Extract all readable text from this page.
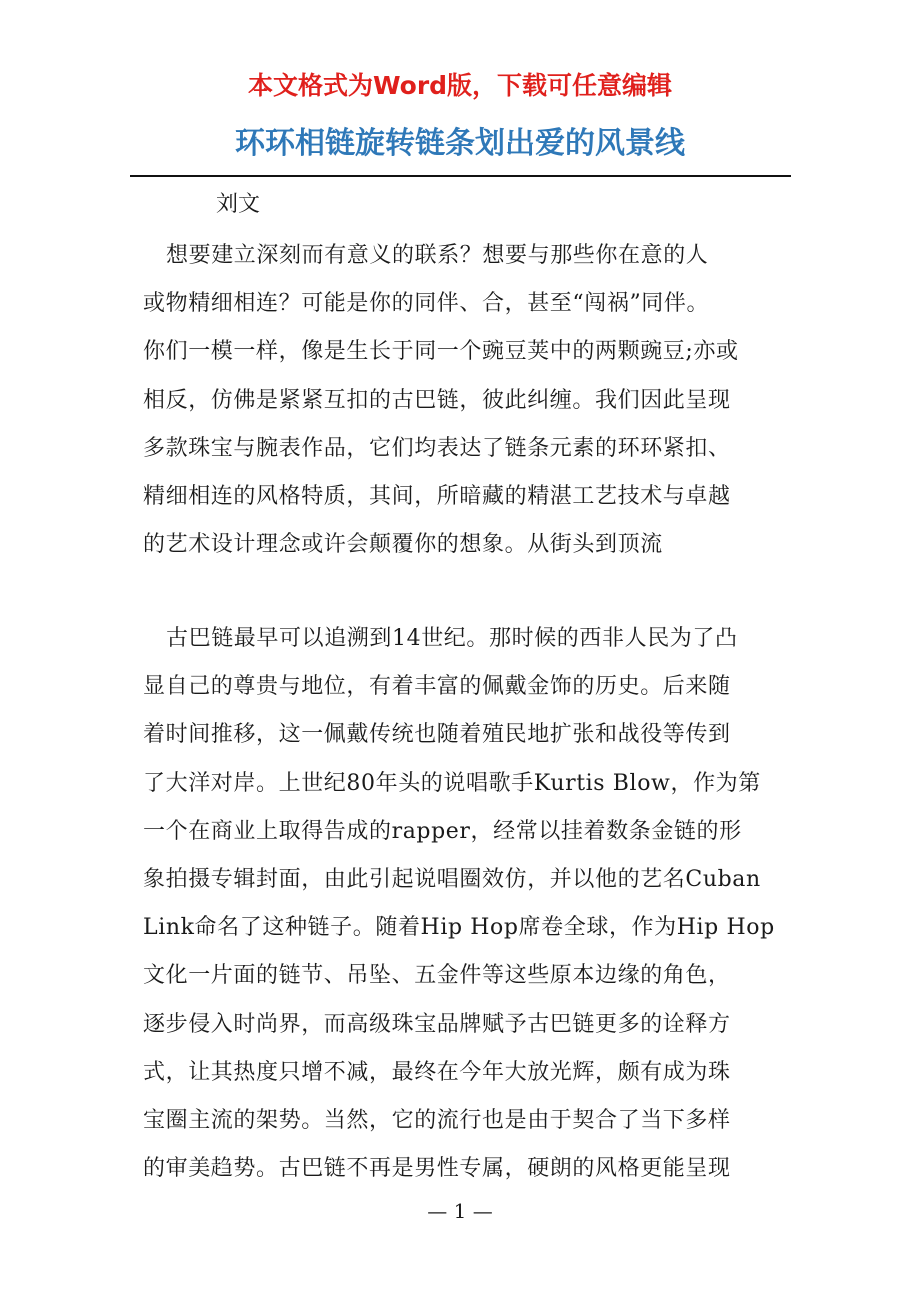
本文格式为Word版，下载可任意编辑
环环相链旋转链条划出爱的风景线
刘文
想要建立深刻而有意义的联系？想要与那些你在意的人
或物精细相连？可能是你的同伴、合，甚至“闯祸”同伴。
你们一模一样，像是生长于同一个豌豆荚中的两颗豌豆;亦或
相反，仿佛是紧紧互扣的古巴链，彼此纠缠。我们因此呈现
多款珠宝与腕表作品，它们均表达了链条元素的环环紧扣、
精细相连的风格特质，其间，所暗藏的精湛工艺技术与卓越
的艺术设计理念或许会颠覆你的想象。从街头到顶流
古巴链最早可以追溯到14世纪。那时候的西非人民为了凸
显自己的尊贵与地位，有着丰富的佩戴金饰的历史。后来随
着时间推移，这一佩戴传统也随着殖民地扩张和战役等传到
了大洋对岸。上世纪80年头的说唱歌手Kurtis Blow，作为第
一个在商业上取得告成的rapper，经常以挂着数条金链的形
象拍摄专辑封面，由此引起说唱圈效仿，并以他的艺名Cuban
Link命名了这种链子。随着Hip Hop席卷全球，作为Hip Hop
文化一片面的链节、吊坠、五金件等这些原本边缘的角色，
逐步侵入时尚界，而高级珠宝品牌赋予古巴链更多的诠释方
式，让其热度只增不减，最终在今年大放光辉，颇有成为珠
宝圈主流的架势。当然，它的流行也是由于契合了当下多样
的审美趋势。古巴链不再是男性专属，硬朗的风格更能呈现
— 1 —
